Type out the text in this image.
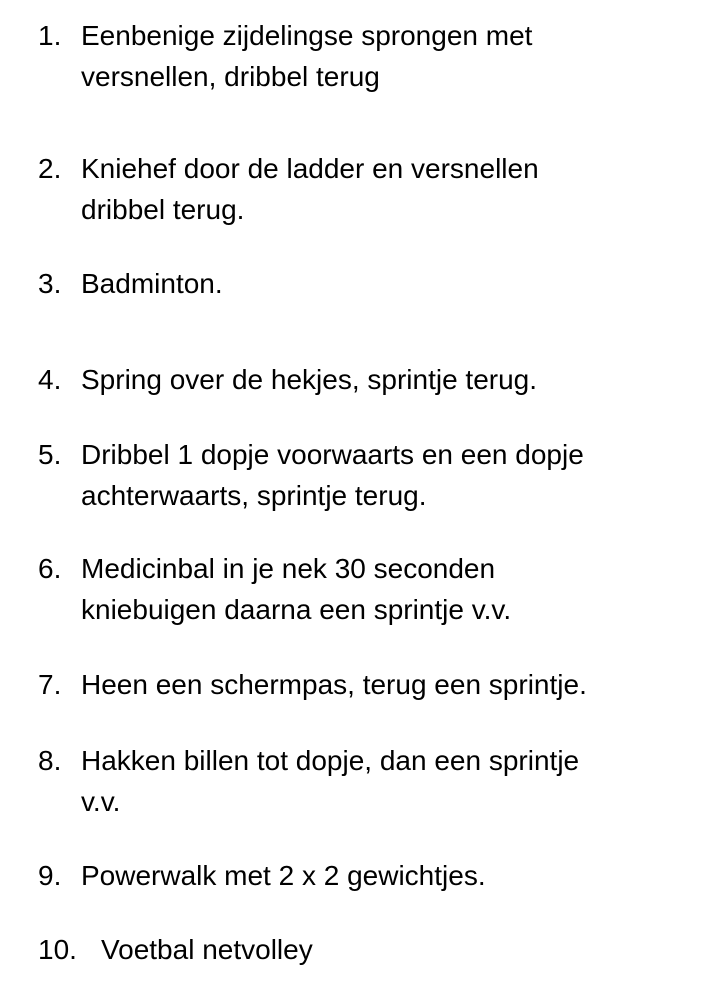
1. Eenbenige zijdelingse sprongen met
versnellen, dribbel terug
2. Kniehef door de ladder en versnellen
dribbel terug.
3. Badminton.
4. Spring over de hekjes, sprintje terug.
5. Dribbel 1 dopje voorwaarts en een dopje
achterwaarts, sprintje terug.
6. Medicinbal in je nek 30 seconden
kniebuigen daarna een sprintje v.v.
7. Heen een schermpas, terug een sprintje.
8. Hakken billen tot dopje, dan een sprintje
v.v.
9. Powerwalk met 2 x 2 gewichtjes.
10. Voetbal netvolley
